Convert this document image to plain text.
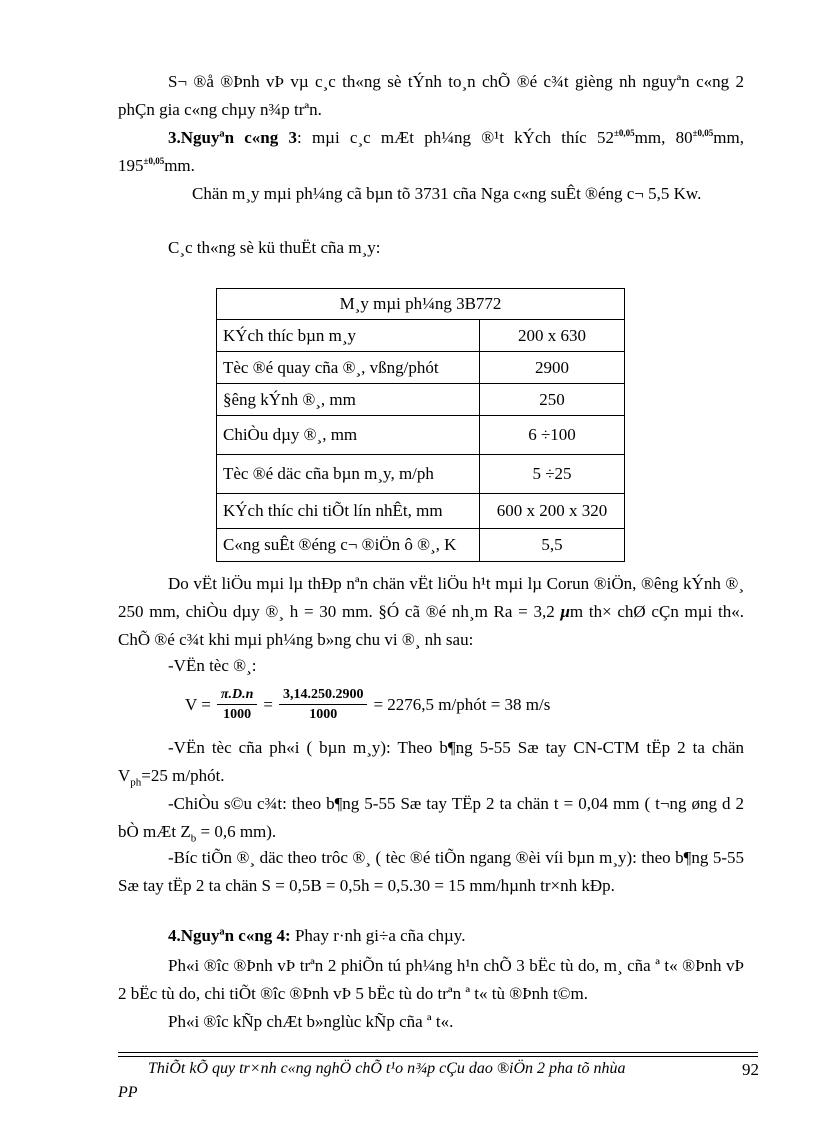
S¬ ®å ®Þnh vÞ vµ c¸c th«ng sè tÝnh to¸n chÕ ®é c¾t gièng nh nguyªn c«ng 2 phÇn gia c«ng chµy n¾p trªn.

3.Nguyªn c«ng 3: mµi c¸c mÆt ph¼ng ®¹t kÝch thíc $52^{\pm 0,05}mm$, $80^{\pm 0,05}mm$, $195^{\pm 0,05}mm$.

Chän m¸y mµi ph¼ng cã bµn tõ 3731 cña Nga c«ng suÊt ®éng c¬ 5,5 Kw.

C¸c th«ng sè kü thuËt cña m¸y:

M¸y mµi ph¼ng 3B772	
KÝch thíc bµn m¸y	200 x 630
Tèc ®é quay cña ®¸, vßng/phót	2900
§êng kÝnh ®¸, mm	250
ChiÒu dµy ®¸, mm	6 ÷100
Tèc ®é däc cña bµn m¸y, m/ph	5 ÷25
KÝch thíc chi tiÕt lín nhÊt, mm	600 x 200 x 320
C«ng suÊt ®éng c¬ ®iÖn ô ®¸, K	5,5

Do vËt liÖu mµi lµ thÐp nªn chän vËt liÖu h¹t mµi lµ Corun ®iÖn, ®êng kÝnh ®¸ 250 mm, chiÒu dµy ®¸ h = 30 mm. §Ó cã ®é nh¸m Ra = 3,2 μm th× chØ cÇn mµi th«. ChÕ ®é c¾t khi mµi ph¼ng b»ng chu vi ®¸ nh sau:

-VËn tèc ®¸:

$V = \frac{\pi.D.n}{1000} = \frac{3,14.250.2900}{1000} = 2276,5$ m/phót = 38 m/s

-VËn tèc cña ph«i ( bµn m¸y): Theo b¶ng 5-55 Sæ tay CN-CTM tËp 2 ta chän $V_{ph}=25$ m/phót.

-ChiÒu s©u c¾t: theo b¶ng 5-55 Sæ tay TËp 2 ta chän t = 0,04 mm ( t¬ng øng d 2 bÒ mÆt $Z_b = 0,6$ mm).

-Bíc tiÕn ®¸ däc theo trôc ®¸ ( tèc ®é tiÕn ngang ®èi víi bµn m¸y): theo b¶ng 5-55 Sæ tay tËp 2 ta chän S = 0,5B = 0,5h = 0,5.30 = 15 mm/hµnh tr×nh kÐp.

4.Nguyªn c«ng 4: Phay r·nh gi÷a cña chµy.

Ph«i ®îc ®Þnh vÞ trªn 2 phiÕn tú ph¼ng h¹n chÕ 3 bËc tù do, m¸ cña ª t« ®Þnh vÞ 2 bËc tù do, chi tiÕt ®îc ®Þnh vÞ 5 bËc tù do trªn ª t« tù ®Þnh t©m.

Ph«i ®îc kÑp chÆt b»nglùc kÑp cña ª t«.

ThiÕt kÕ quy tr×nh c«ng nghÖ chÕ t¹o n¾p cÇu dao ®iÖn 2 pha tõ nhùa
PP
92
